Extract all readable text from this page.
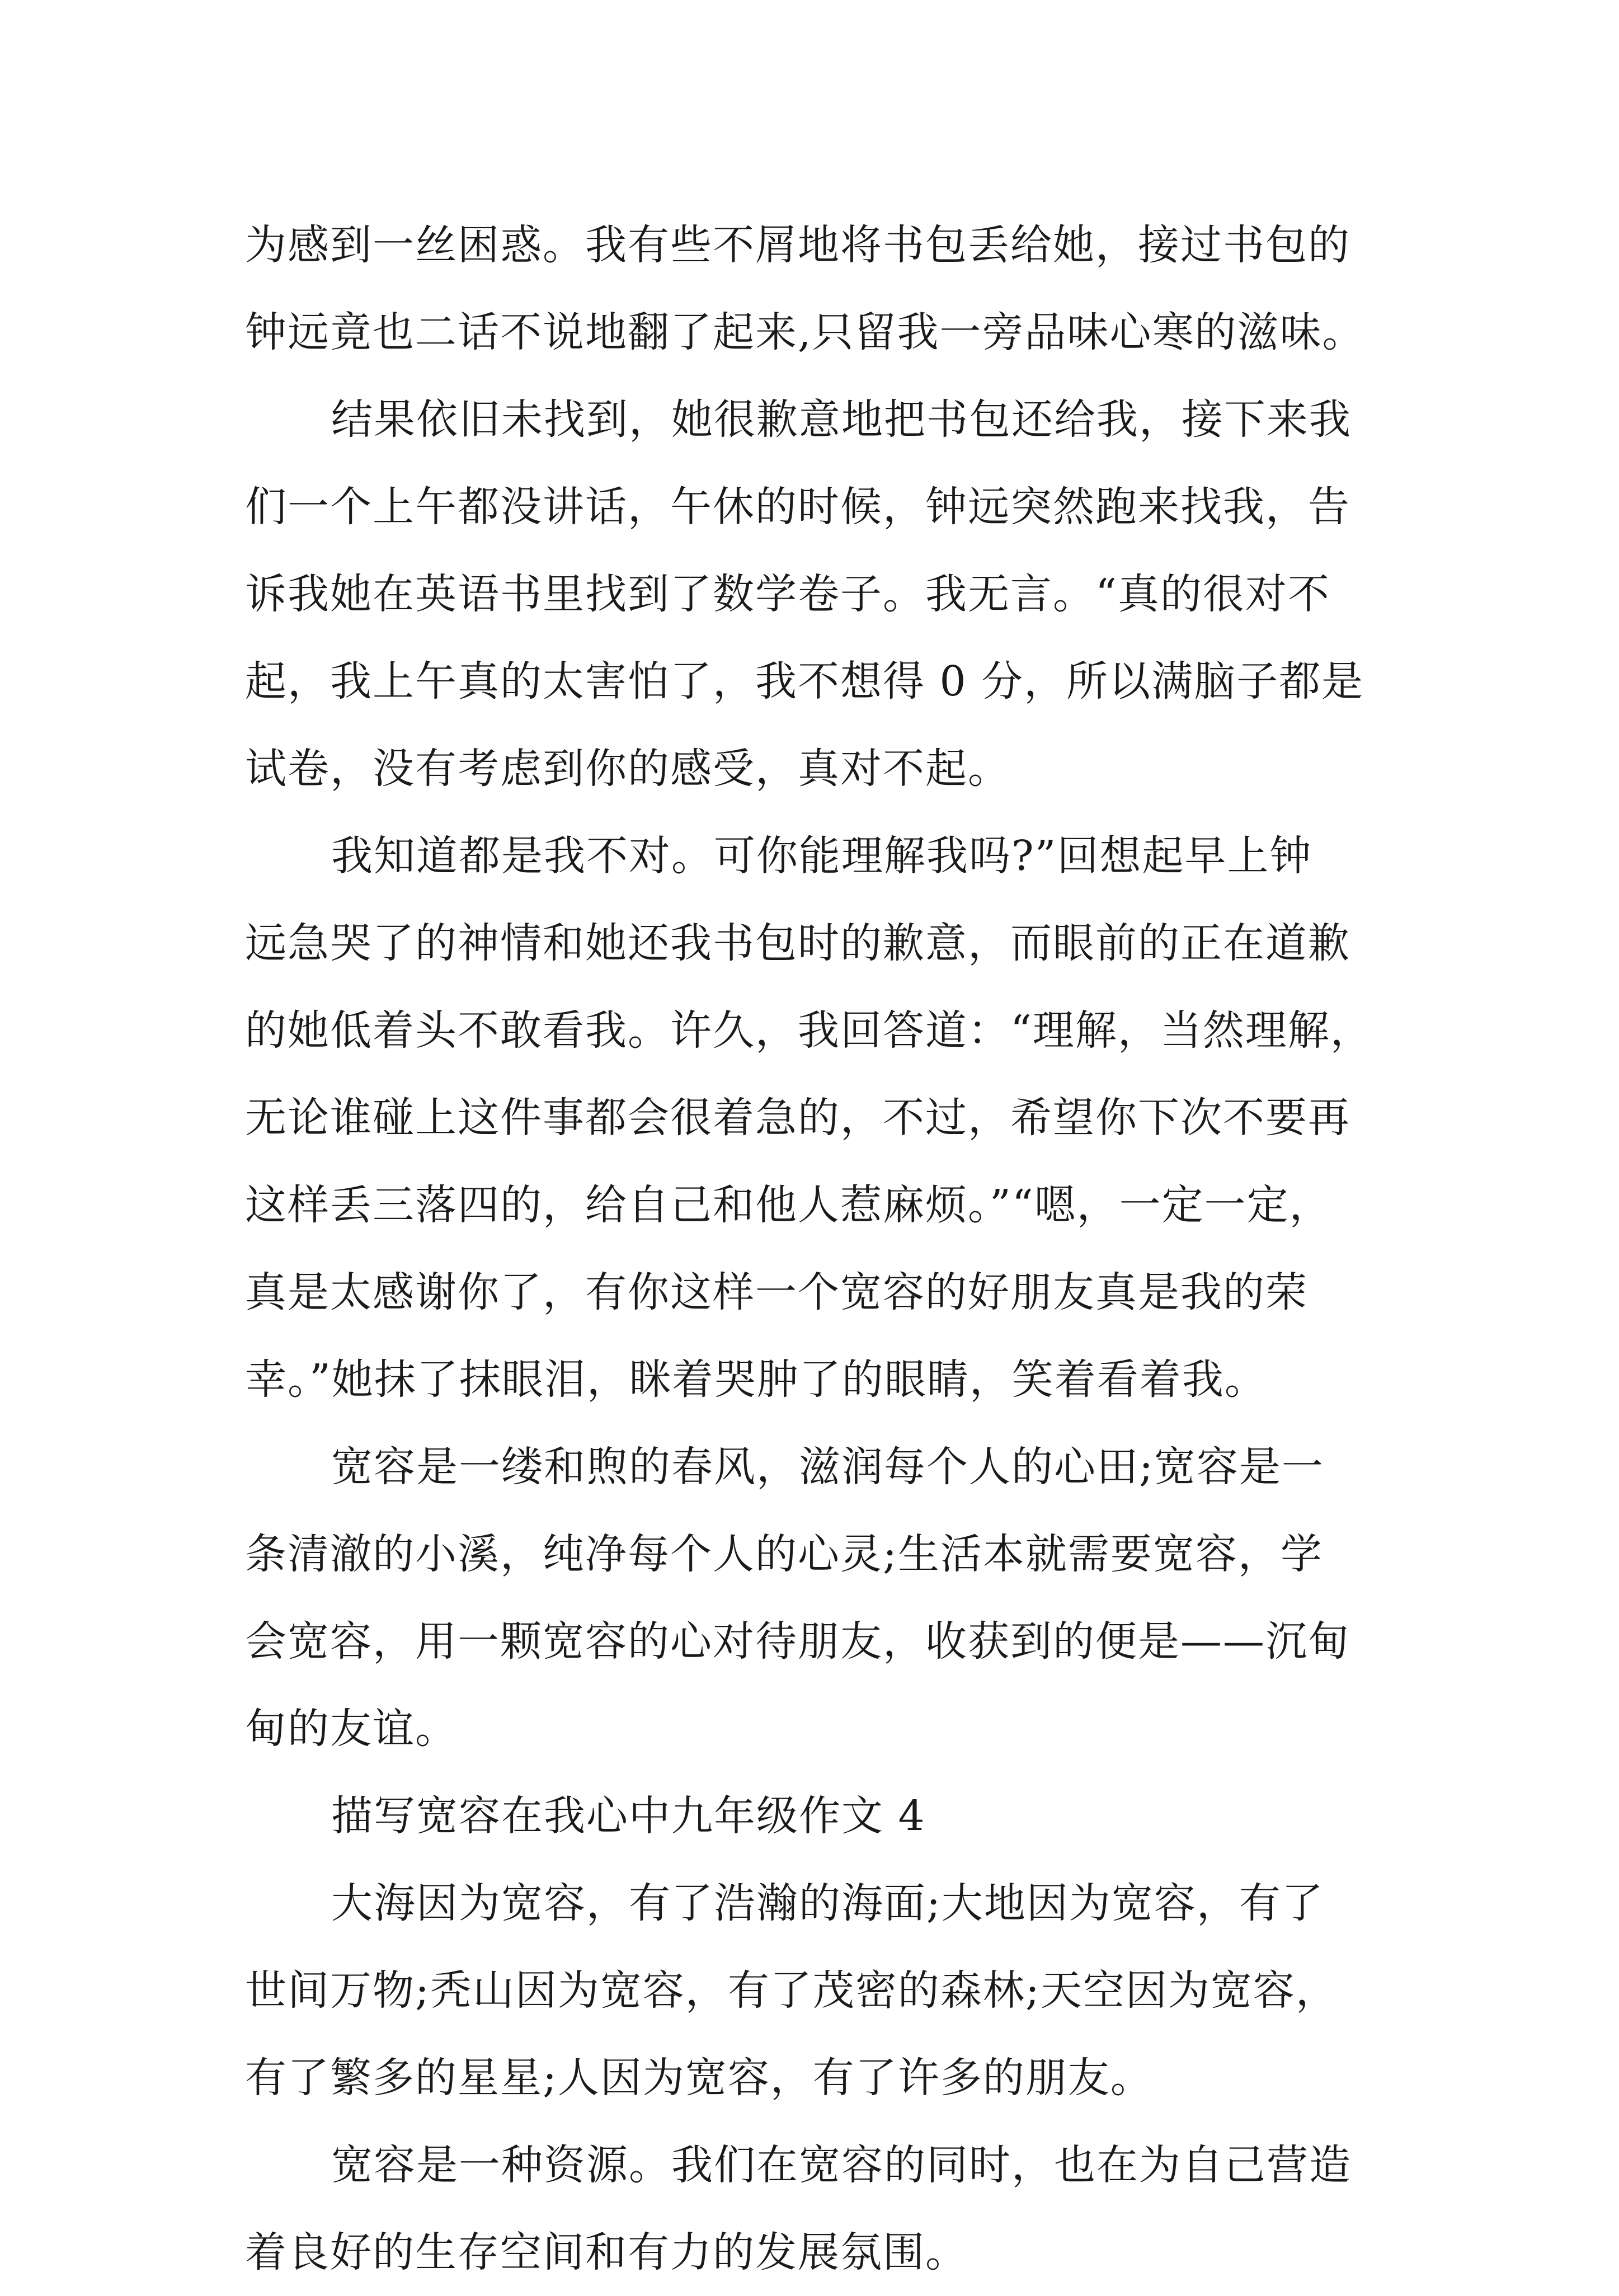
为感到一丝困惑。我有些不屑地将书包丢给她，接过书包的
钟远竟也二话不说地翻了起来,只留我一旁品味心寒的滋味。
结果依旧未找到，她很歉意地把书包还给我，接下来我
们一个上午都没讲话，午休的时候，钟远突然跑来找我，告
诉我她在英语书里找到了数学卷子。我无言。“真的很对不
起，我上午真的太害怕了，我不想得 0 分，所以满脑子都是
试卷，没有考虑到你的感受，真对不起。
我知道都是我不对。可你能理解我吗?”回想起早上钟
远急哭了的神情和她还我书包时的歉意，而眼前的正在道歉
的她低着头不敢看我。许久，我回答道：“理解，当然理解，
无论谁碰上这件事都会很着急的，不过，希望你下次不要再
这样丢三落四的，给自己和他人惹麻烦。”“嗯，一定一定，
真是太感谢你了，有你这样一个宽容的好朋友真是我的荣
幸。”她抹了抹眼泪，眯着哭肿了的眼睛，笑着看着我。
宽容是一缕和煦的春风，滋润每个人的心田;宽容是一
条清澈的小溪，纯净每个人的心灵;生活本就需要宽容，学
会宽容，用一颗宽容的心对待朋友，收获到的便是——沉甸
甸的友谊。
描写宽容在我心中九年级作文 4
大海因为宽容，有了浩瀚的海面;大地因为宽容，有了
世间万物;秃山因为宽容，有了茂密的森林;天空因为宽容，
有了繁多的星星;人因为宽容，有了许多的朋友。
宽容是一种资源。我们在宽容的同时，也在为自己营造
着良好的生存空间和有力的发展氛围。
